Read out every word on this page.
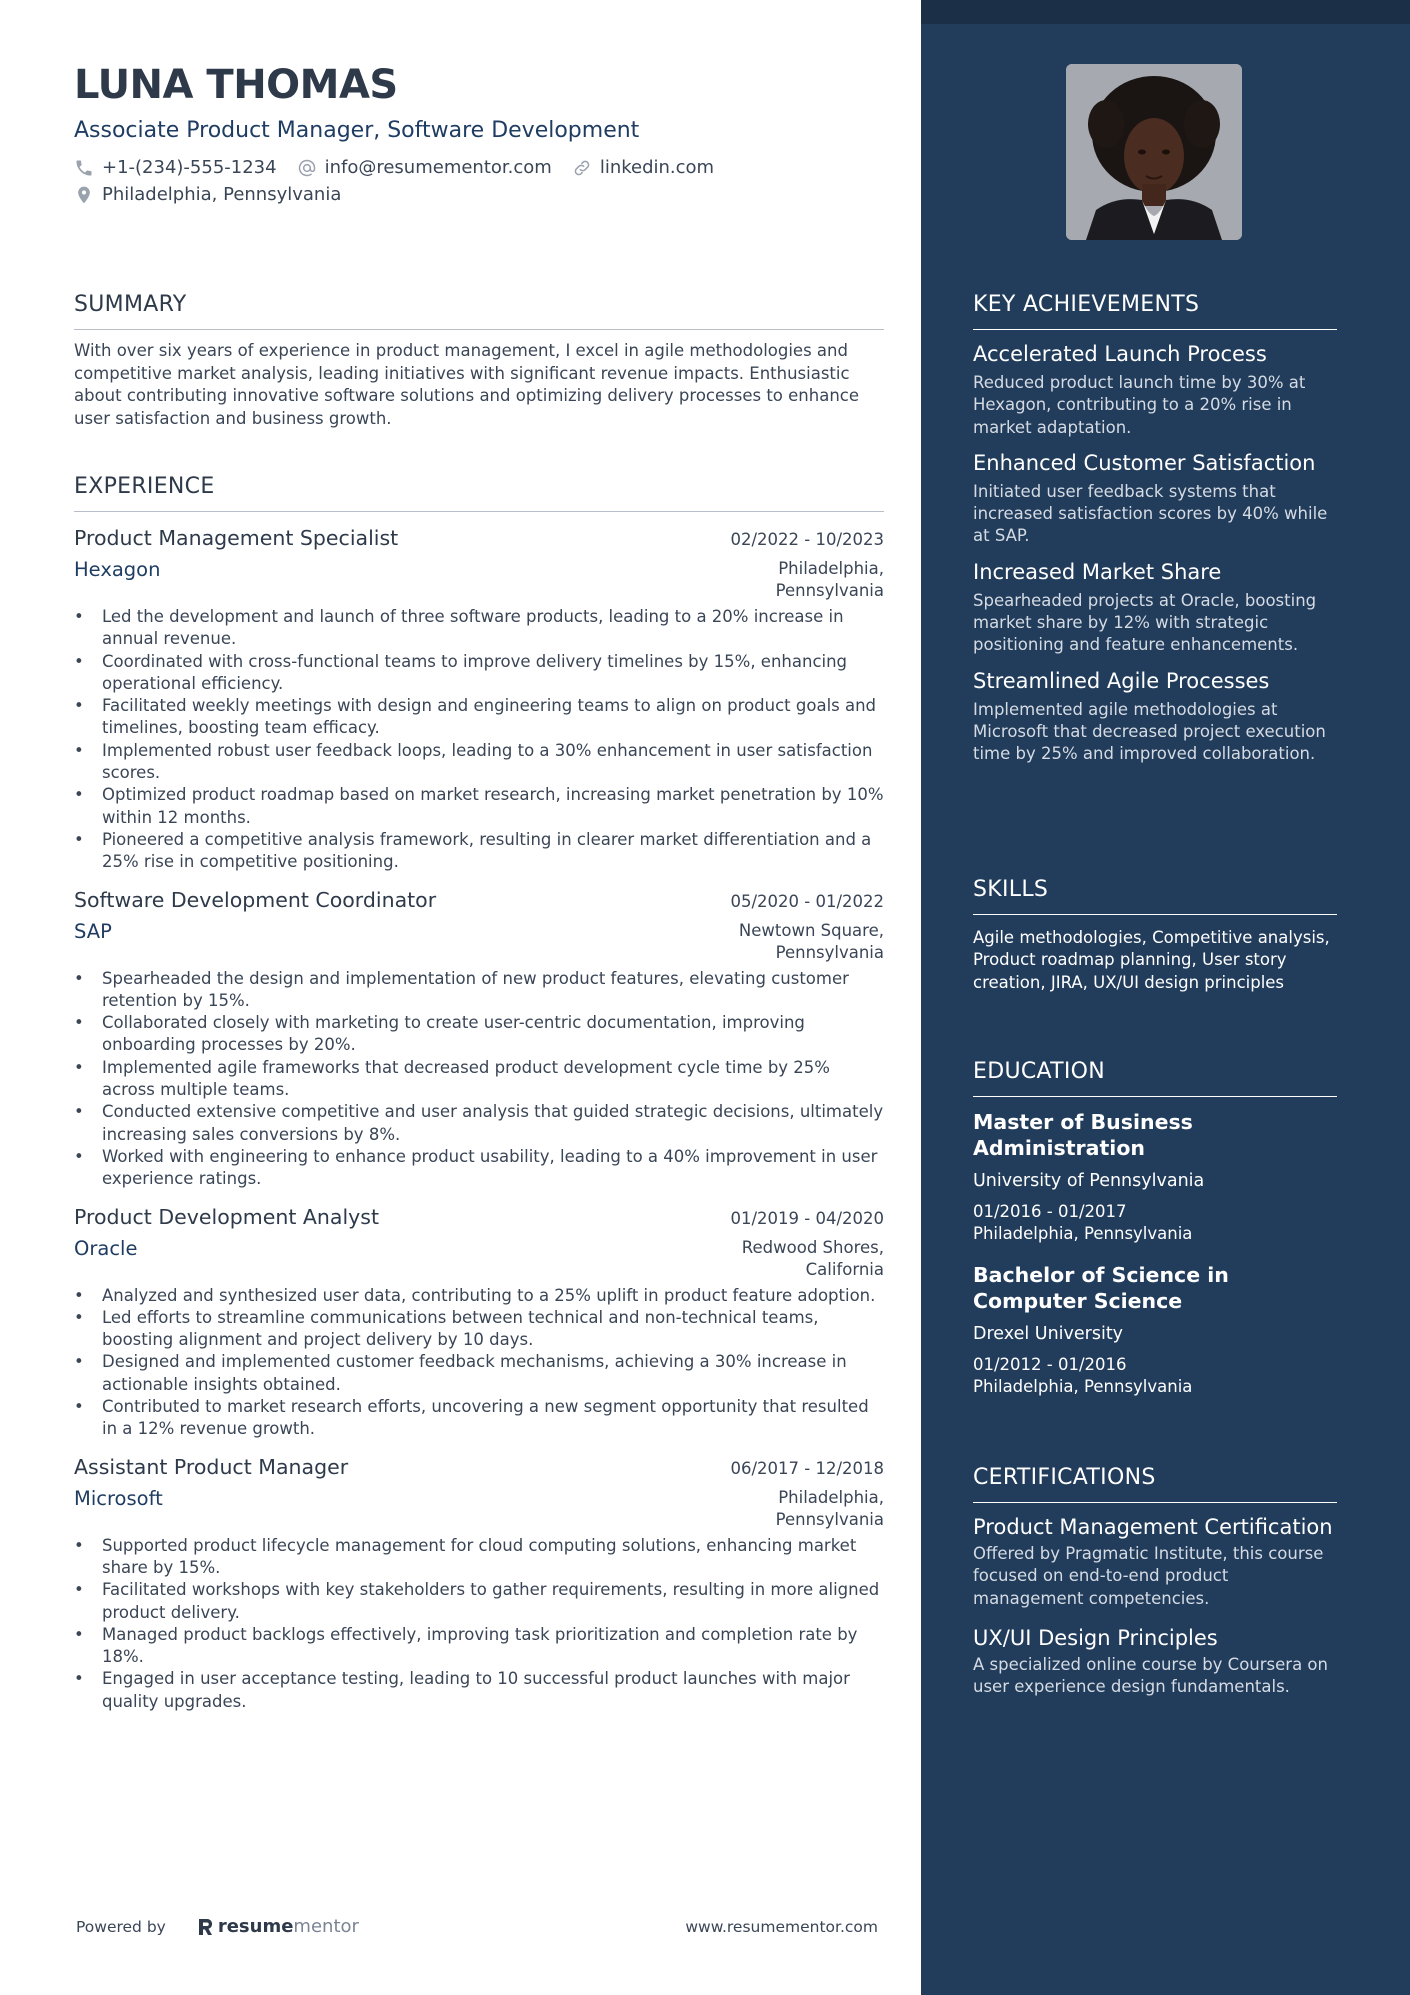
LUNA THOMAS
Associate Product Manager, Software Development
+1-(234)-555-1234	info@resumementor.com	linkedin.com
Philadelphia, Pennsylvania
SUMMARY

With over six years of experience in product management, I excel in agile methodologies and competitive market analysis, leading initiatives with significant revenue impacts. Enthusiastic about contributing innovative software solutions and optimizing delivery processes to enhance user satisfaction and business growth.

EXPERIENCE
Product Management Specialist	02/2022 - 10/2023
Hexagon	Philadelphia, Pennsylvania
• Led the development and launch of three software products, leading to a 20% increase in annual revenue.
• Coordinated with cross-functional teams to improve delivery timelines by 15%, enhancing operational efficiency.
• Facilitated weekly meetings with design and engineering teams to align on product goals and timelines, boosting team efficacy.
• Implemented robust user feedback loops, leading to a 30% enhancement in user satisfaction scores.
• Optimized product roadmap based on market research, increasing market penetration by 10% within 12 months.
• Pioneered a competitive analysis framework, resulting in clearer market differentiation and a 25% rise in competitive positioning.
Software Development Coordinator	05/2020 - 01/2022
SAP	Newtown Square, Pennsylvania
• Spearheaded the design and implementation of new product features, elevating customer retention by 15%.
• Collaborated closely with marketing to create user-centric documentation, improving onboarding processes by 20%.
• Implemented agile frameworks that decreased product development cycle time by 25% across multiple teams.
• Conducted extensive competitive and user analysis that guided strategic decisions, ultimately increasing sales conversions by 8%.
• Worked with engineering to enhance product usability, leading to a 40% improvement in user experience ratings.
Product Development Analyst	01/2019 - 04/2020
Oracle	Redwood Shores, California
• Analyzed and synthesized user data, contributing to a 25% uplift in product feature adoption.
• Led efforts to streamline communications between technical and non-technical teams, boosting alignment and project delivery by 10 days.
• Designed and implemented customer feedback mechanisms, achieving a 30% increase in actionable insights obtained.
• Contributed to market research efforts, uncovering a new segment opportunity that resulted in a 12% revenue growth.
Assistant Product Manager	06/2017 - 12/2018
Microsoft	Philadelphia, Pennsylvania
• Supported product lifecycle management for cloud computing solutions, enhancing market share by 15%.
• Facilitated workshops with key stakeholders to gather requirements, resulting in more aligned product delivery.
• Managed product backlogs effectively, improving task prioritization and completion rate by 18%.
• Engaged in user acceptance testing, leading to 10 successful product launches with major quality upgrades.
Powered by	resume mentor	www.resumementor.com
KEY ACHIEVEMENTS
Accelerated Launch Process

Reduced product launch time by 30% at Hexagon, contributing to a 20% rise in market adaptation.

Enhanced Customer Satisfaction

Initiated user feedback systems that increased satisfaction scores by 40% while at SAP.

Increased Market Share

Spearheaded projects at Oracle, boosting market share by 12% with strategic positioning and feature enhancements.

Streamlined Agile Processes

Implemented agile methodologies at Microsoft that decreased project execution time by 25% and improved collaboration.

SKILLS
Agile methodologies, Competitive analysis, Product roadmap planning, User story creation, JIRA, UX/UI design principles
EDUCATION
Master of Business Administration
University of Pennsylvania
01/2016 - 01/2017
Philadelphia, Pennsylvania
Bachelor of Science in Computer Science
Drexel University
01/2012 - 01/2016
Philadelphia, Pennsylvania
CERTIFICATIONS
Product Management Certification

Offered by Pragmatic Institute, this course focused on end-to-end product management competencies.

UX/UI Design Principles

A specialized online course by Coursera on user experience design fundamentals.
